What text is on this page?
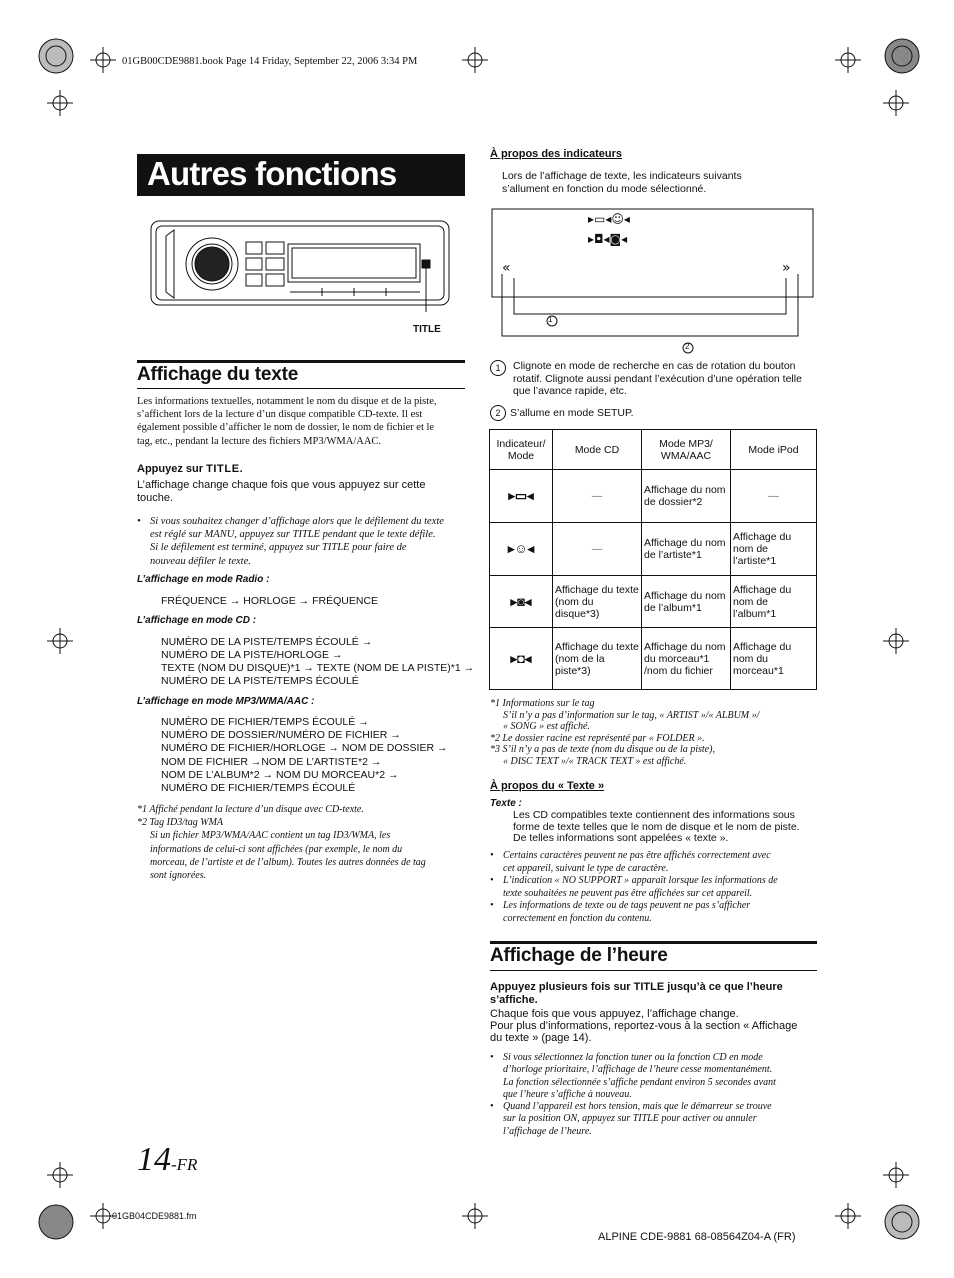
01GB00CDE9881.book Page 14 Friday, September 22, 2006 3:34 PM
Autres fonctions
TITLE
Affichage du texte
Les informations textuelles, notamment le nom du disque et de la piste,
s’affichent lors de la lecture d’un disque compatible CD-texte. Il est
également possible d’afficher le nom de dossier, le nom de fichier et le
tag, etc., pendant la lecture des fichiers MP3/WMA/AAC.
Appuyez sur TITLE.
L’affichage change chaque fois que vous appuyez sur cette
touche.
• Si vous souhaitez changer d’affichage alors que le défilement du texte
est réglé sur MANU, appuyez sur TITLE pendant que le texte défile.
Si le défilement est terminé, appuyez sur TITLE pour faire de
nouveau défiler le texte.
L’affichage en mode Radio :
FRÉQUENCE → HORLOGE → FRÉQUENCE
L’affichage en mode CD :
NUMÉRO DE LA PISTE/TEMPS ÉCOULÉ →
NUMÉRO DE LA PISTE/HORLOGE →
TEXTE (NOM DU DISQUE)*1 → TEXTE (NOM DE LA PISTE)*1 →
NUMÉRO DE LA PISTE/TEMPS ÉCOULÉ
L’affichage en mode MP3/WMA/AAC :
NUMÉRO DE FICHIER/TEMPS ÉCOULÉ →
NUMÉRO DE DOSSIER/NUMÉRO DE FICHIER →
NUMÉRO DE FICHIER/HORLOGE → NOM DE DOSSIER →
NOM DE FICHIER →NOM DE L’ARTISTE*2 →
NOM DE L’ALBUM*2 → NOM DU MORCEAU*2 →
NUMÉRO DE FICHIER/TEMPS ÉCOULÉ
*1 Affiché pendant la lecture d’un disque avec CD-texte.
*2 Tag ID3/tag WMA
Si un fichier MP3/WMA/AAC contient un tag ID3/WMA, les
informations de celui-ci sont affichées (par exemple, le nom du
morceau, de l’artiste et de l’album). Toutes les autres données de tag
sont ignorées.
À propos des indicateurs
Lors de l’affichage de texte, les indicateurs suivants
s’allument en fonction du mode sélectionné.
▸▭◂☺◂
▸◘◂◙◂
«	»
1
2
1	Clignote en mode de recherche en cas de rotation du bouton
rotatif. Clignote aussi pendant l’exécution d’une opération telle
que l’avance rapide, etc.
2 S’allume en mode SETUP.
Indicateur/ Mode	Mode CD	Mode MP3/ WMA/AAC	Mode iPod
▸▭◂	—	Affichage du nom de dossier*2	—
▸☺◂	—	Affichage du nom de l’artiste*1	Affichage du nom de l’artiste*1
▸◙◂	Affichage du texte (nom du disque*3)	Affichage du nom de l’album*1	Affichage du nom de l’album*1
▸◘◂	Affichage du texte (nom de la piste*3)	Affichage du nom du morceau*1 /nom du fichier	Affichage du nom du morceau*1
*1 Informations sur le tag
S’il n’y a pas d’information sur le tag, « ARTIST »/« ALBUM »/
« SONG » est affiché.
*2 Le dossier racine est représenté par « FOLDER ».
*3 S’il n’y a pas de texte (nom du disque ou de la piste),
« DISC TEXT »/« TRACK TEXT » est affiché.
À propos du « Texte »
Texte :
Les CD compatibles texte contiennent des informations sous
forme de texte telles que le nom de disque et le nom de piste.
De telles informations sont appelées « texte ».
• Certains caractères peuvent ne pas être affichés correctement avec
cet appareil, suivant le type de caractère.
• L’indication « NO SUPPORT » apparaît lorsque les informations de
texte souhaitées ne peuvent pas être affichées sur cet appareil.
• Les informations de texte ou de tags peuvent ne pas s’afficher
correctement en fonction du contenu.
Affichage de l’heure
Appuyez plusieurs fois sur TITLE jusqu’à ce que l’heure
s’affiche.
Chaque fois que vous appuyez, l’affichage change.
Pour plus d’informations, reportez-vous à la section « Affichage
du texte » (page 14).
• Si vous sélectionnez la fonction tuner ou la fonction CD en mode
d’horloge prioritaire, l’affichage de l’heure cesse momentanément.
La fonction sélectionnée s’affiche pendant environ 5 secondes avant
que l’heure s’affiche à nouveau.
• Quand l’appareil est hors tension, mais que le démarreur se trouve
sur la position ON, appuyez sur TITLE pour activer ou annuler
l’affichage de l’heure.
14-FR
01GB04CDE9881.fm
ALPINE CDE-9881 68-08564Z04-A (FR)
